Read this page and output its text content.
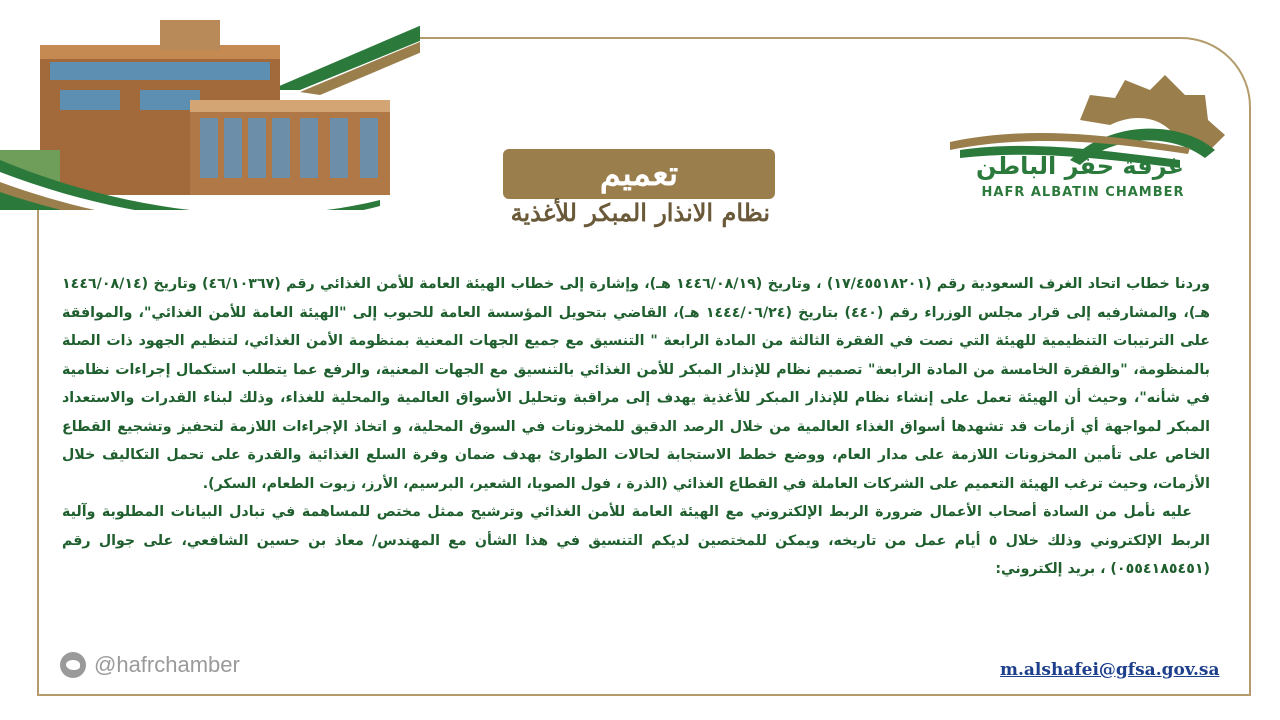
غرفة حفر الباطن
HAFR ALBATIN CHAMBER
تعميم
نظام الانذار المبكر للأغذية

وردنا خطاب اتحاد الغرف السعودية رقم (١٧/٤٥٥١٨٢٠١) ، وتاريخ (١٤٤٦/٠٨/١٩ هـ)، وإشارة إلى خطاب الهيئة العامة للأمن الغذائي رقم (٤٦/١٠٣٦٧) وتاريخ (١٤٤٦/٠٨/١٤ هـ)، والمشارفيه إلى قرار مجلس الوزراء رقم (٤٤٠) بتاريخ (١٤٤٤/٠٦/٢٤ هـ)، القاضي بتحويل المؤسسة العامة للحبوب إلى "الهيئة العامة للأمن الغذائي"، والموافقة على الترتيبات التنظيمية للهيئة التي نصت في الفقرة الثالثة من المادة الرابعة " التنسيق مع جميع الجهات المعنية بمنظومة الأمن الغذائي، لتنظيم الجهود ذات الصلة بالمنظومة، "والفقرة الخامسة من المادة الرابعة" تصميم نظام للإنذار المبكر للأمن الغذائي بالتنسيق مع الجهات المعنية، والرفع عما يتطلب استكمال إجراءات نظامية في شأنه"، وحيث أن الهيئة تعمل على إنشاء نظام للإنذار المبكر للأغذية يهدف إلى مراقبة وتحليل الأسواق العالمية والمحلية للغذاء، وذلك لبناء القدرات والاستعداد المبكر لمواجهة أي أزمات قد تشهدها أسواق الغذاء العالمية من خلال الرصد الدقيق للمخزونات في السوق المحلية، و اتخاذ الإجراءات اللازمة لتحفيز وتشجيع القطاع الخاص على تأمين المخزونات اللازمة على مدار العام، ووضع خطط الاستجابة لحالات الطوارئ بهدف ضمان وفرة السلع الغذائية والقدرة على تحمل التكاليف خلال الأزمات، وحيث ترغب الهيئة التعميم على الشركات العاملة في القطاع الغذائي (الذرة ، فول الصويا، الشعير، البرسيم، الأرز، زيوت الطعام، السكر).

عليه نأمل من السادة أصحاب الأعمال ضرورة الربط الإلكتروني مع الهيئة العامة للأمن الغذائي وترشيح ممثل مختص للمساهمة في تبادل البيانات المطلوبة وآلية الربط الإلكتروني وذلك خلال ٥ أيام عمل من تاريخه، ويمكن للمختصين لديكم التنسيق في هذا الشأن مع المهندس/ معاذ بن حسين الشافعي، على جوال رقم (٠٥٥٤١٨٥٤٥١) ، بريد إلكتروني:

@hafrchamber	m.alshafei@gfsa.gov.sa
